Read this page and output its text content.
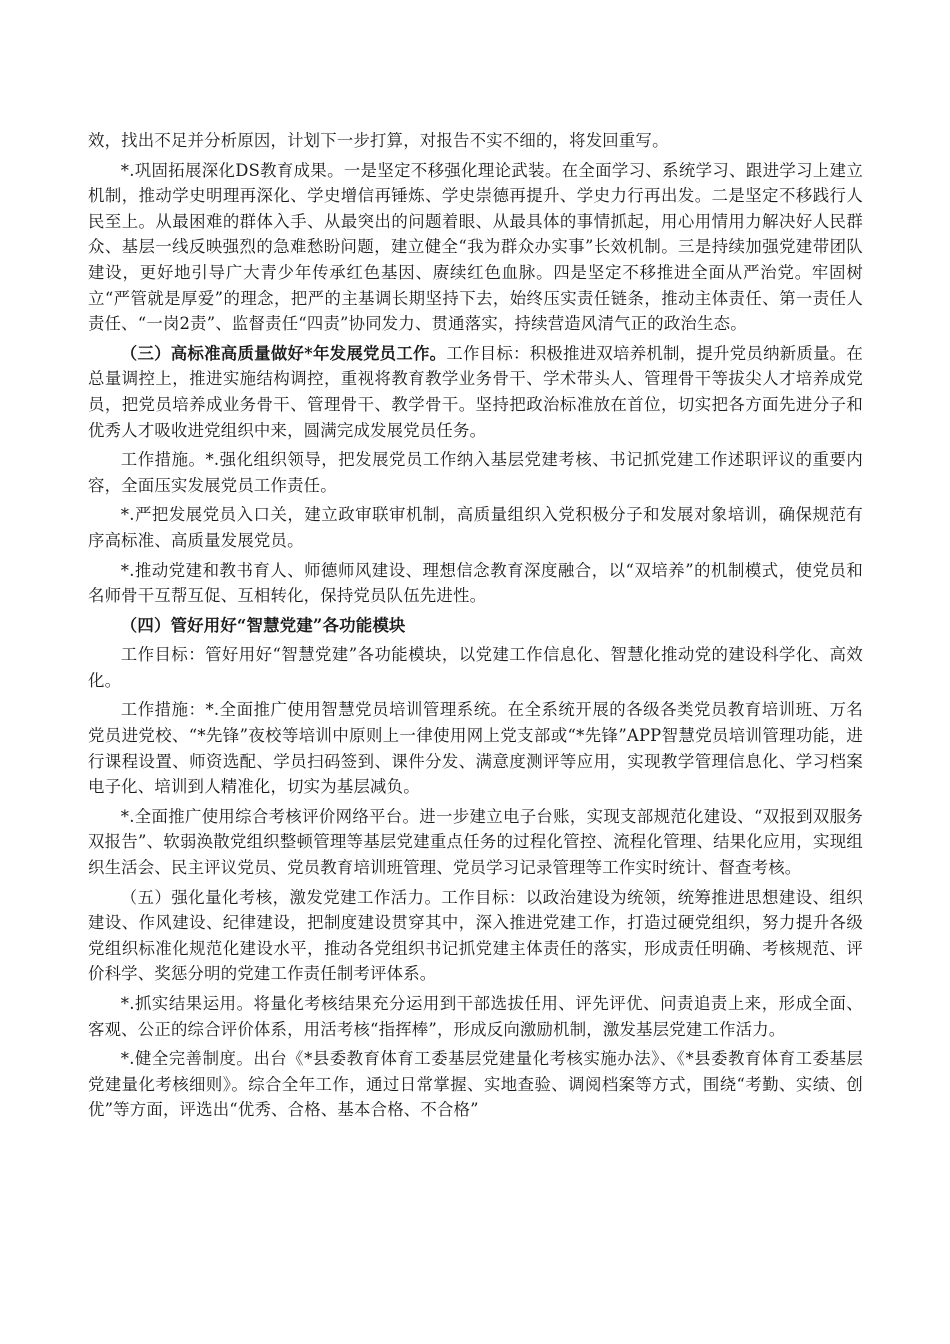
效，找出不足并分析原因，计划下一步打算，对报告不实不细的，将发回重写。

*.巩固拓展深化DS教育成果。一是坚定不移强化理论武装。在全面学习、系统学习、跟进学习上建立机制，推动学史明理再深化、学史增信再锤炼、学史崇德再提升、学史力行再出发。二是坚定不移践行人民至上。从最困难的群体入手、从最突出的问题着眼、从最具体的事情抓起，用心用情用力解决好人民群众、基层一线反映强烈的急难愁盼问题，建立健全“我为群众办实事”长效机制。三是持续加强党建带团队建设，更好地引导广大青少年传承红色基因、赓续红色血脉。四是坚定不移推进全面从严治党。牢固树立“严管就是厚爱”的理念，把严的主基调长期坚持下去，始终压实责任链条，推动主体责任、第一责任人责任、“一岗2责”、监督责任“四责”协同发力、贯通落实，持续营造风清气正的政治生态。

（三）高标准高质量做好*年发展党员工作。工作目标：积极推进双培养机制，提升党员纳新质量。在总量调控上，推进实施结构调控，重视将教育教学业务骨干、学术带头人、管理骨干等拔尖人才培养成党员，把党员培养成业务骨干、管理骨干、教学骨干。坚持把政治标准放在首位，切实把各方面先进分子和优秀人才吸收进党组织中来，圆满完成发展党员任务。

工作措施。*.强化组织领导，把发展党员工作纳入基层党建考核、书记抓党建工作述职评议的重要内容，全面压实发展党员工作责任。

*.严把发展党员入口关，建立政审联审机制，高质量组织入党积极分子和发展对象培训，确保规范有序高标准、高质量发展党员。

*.推动党建和教书育人、师德师风建设、理想信念教育深度融合，以“双培养”的机制模式，使党员和名师骨干互帮互促、互相转化，保持党员队伍先进性。

（四）管好用好“智慧党建”各功能模块

工作目标：管好用好“智慧党建”各功能模块，以党建工作信息化、智慧化推动党的建设科学化、高效化。

工作措施：*.全面推广使用智慧党员培训管理系统。在全系统开展的各级各类党员教育培训班、万名党员进党校、“*先锋”夜校等培训中原则上一律使用网上党支部或“*先锋”APP智慧党员培训管理功能，进行课程设置、师资选配、学员扫码签到、课件分发、满意度测评等应用，实现教学管理信息化、学习档案电子化、培训到人精准化，切实为基层减负。

*.全面推广使用综合考核评价网络平台。进一步建立电子台账，实现支部规范化建设、“双报到双服务双报告”、软弱涣散党组织整顿管理等基层党建重点任务的过程化管控、流程化管理、结果化应用，实现组织生活会、民主评议党员、党员教育培训班管理、党员学习记录管理等工作实时统计、督查考核。

（五）强化量化考核，激发党建工作活力。工作目标：以政治建设为统领，统筹推进思想建设、组织建设、作风建设、纪律建设，把制度建设贯穿其中，深入推进党建工作，打造过硬党组织，努力提升各级党组织标准化规范化建设水平，推动各党组织书记抓党建主体责任的落实，形成责任明确、考核规范、评价科学、奖惩分明的党建工作责任制考评体系。

*.抓实结果运用。将量化考核结果充分运用到干部选拔任用、评先评优、问责追责上来，形成全面、客观、公正的综合评价体系，用活考核“指挥棒”，形成反向激励机制，激发基层党建工作活力。

*.健全完善制度。出台《*县委教育体育工委基层党建量化考核实施办法》、《*县委教育体育工委基层党建量化考核细则》。综合全年工作，通过日常掌握、实地查验、调阅档案等方式，围绕“考勤、实绩、创优”等方面，评选出“优秀、合格、基本合格、不合格”
